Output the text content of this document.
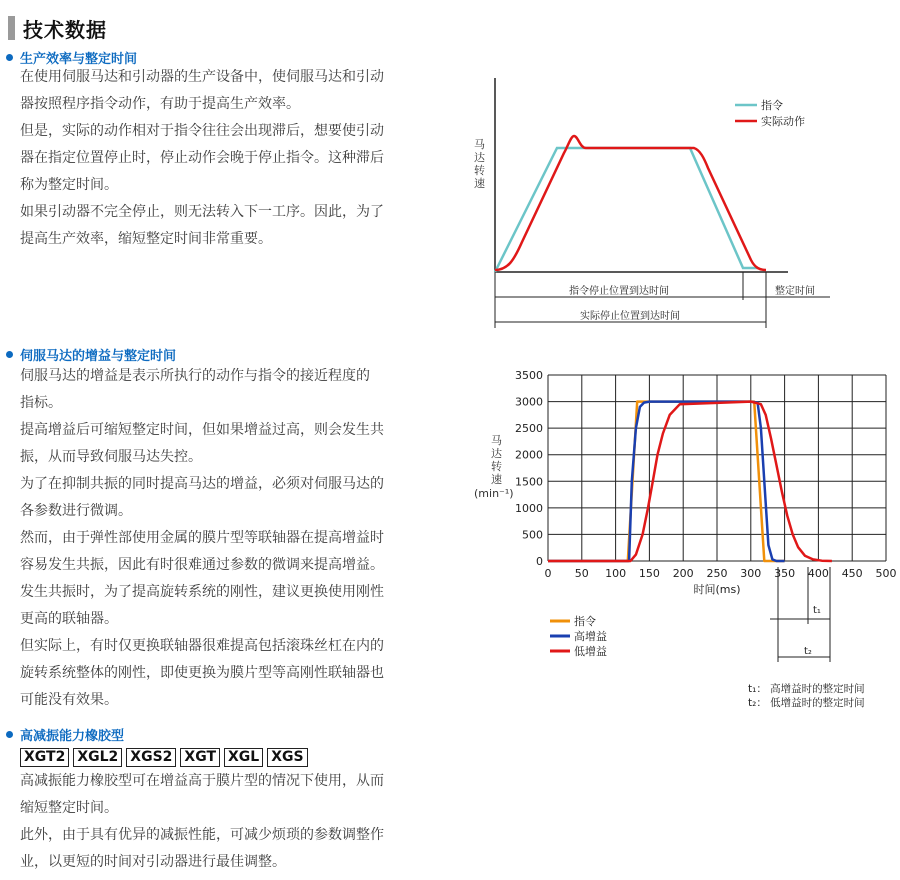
技术数据
生产效率与整定时间

在使用伺服马达和引动器的生产设备中，使伺服马达和引动
器按照程序指令动作，有助于提高生产效率。

但是，实际的动作相对于指令往往会出现滞后，想要使引动
器在指定位置停止时，停止动作会晚于停止指令。这种滞后
称为整定时间。

如果引动器不完全停止，则无法转入下一工序。因此，为了
提高生产效率，缩短整定时间非常重要。

伺服马达的增益与整定时间

伺服马达的增益是表示所执行的动作与指令的接近程度的
指标。

提高增益后可缩短整定时间，但如果增益过高，则会发生共
振，从而导致伺服马达失控。

为了在抑制共振的同时提高马达的增益，必须对伺服马达的
各参数进行微调。

然而，由于弹性部使用金属的膜片型等联轴器在提高增益时
容易发生共振，因此有时很难通过参数的微调来提高增益。

发生共振时，为了提高旋转系统的刚性，建议更换使用刚性
更高的联轴器。

但实际上，有时仅更换联轴器很难提高包括滚珠丝杠在内的
旋转系统整体的刚性，即使更换为膜片型等高刚性联轴器也
可能没有效果。

高减振能力橡胶型
XGT2 XGL2 XGS2 XGT XGL XGS

高减振能力橡胶型可在增益高于膜片型的情况下使用，从而
缩短整定时间。

此外，由于具有优异的减振性能，可减少烦琐的参数调整作
业，以更短的时间对引动器进行最佳调整。

马达转速
指令
实际动作
指令停止位置到达时间	整定时间
实际停止位置到达时间
0 50 100 150 200 250 300 350 400 450 500
0
500
1000
1500
2000
2500
3000
3500
马达转速(min⁻¹)
时间(ms)
指令
高增益
低增益
t₁
t₂
t₁： 高增益时的整定时间
t₂： 低增益时的整定时间
